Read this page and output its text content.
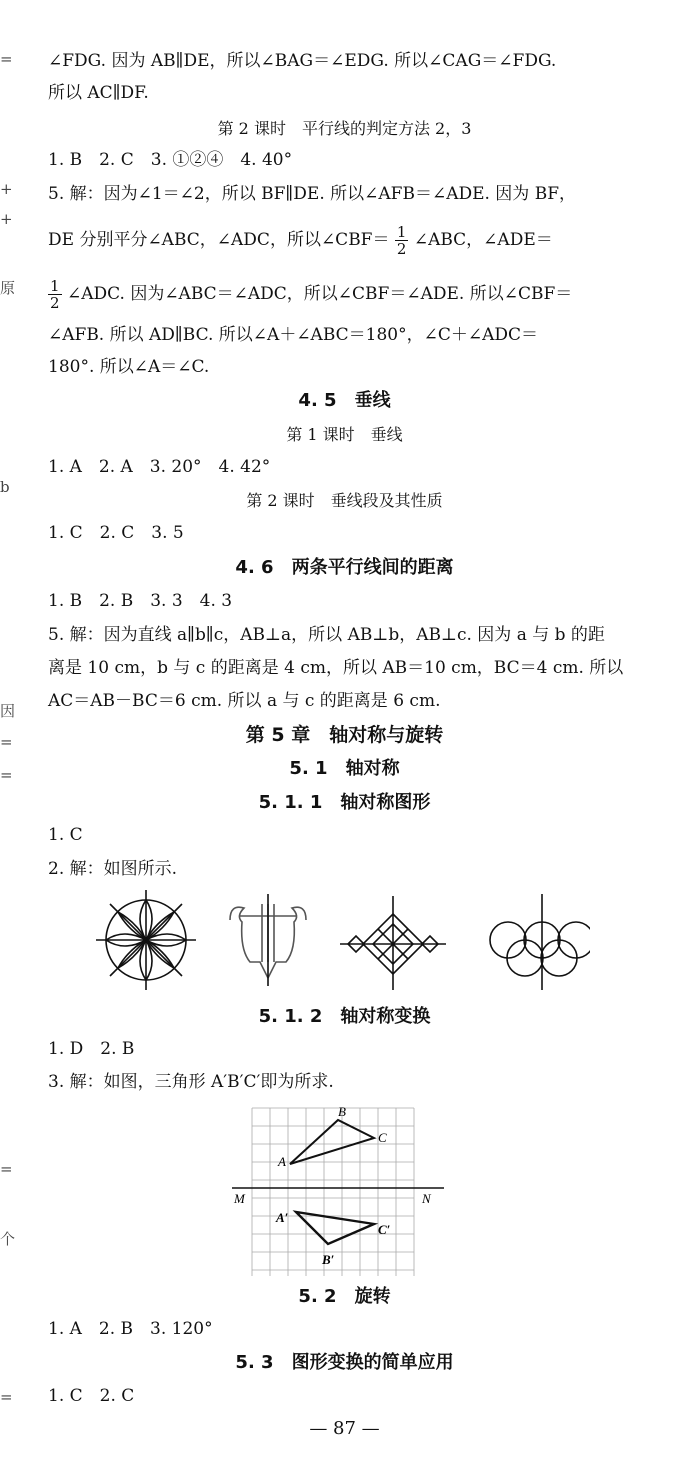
=
+
+
原
b
因
=
=
=
个
=
∠FDG. 因为 AB∥DE，所以∠BAG＝∠EDG. 所以∠CAG＝∠FDG.
所以 AC∥DF.
第 2 课时　平行线的判定方法 2，3
1. B　2. C　3. ①②④　4. 40°
5. 解：因为∠1＝∠2，所以 BF∥DE. 所以∠AFB＝∠ADE. 因为 BF，
DE 分别平分∠ABC，∠ADC，所以∠CBF＝ $\frac{1}{2}$ ∠ABC，∠ADE＝
$\frac{1}{2}$ ∠ADC. 因为∠ABC＝∠ADC，所以∠CBF＝∠ADE. 所以∠CBF＝
∠AFB. 所以 AD∥BC. 所以∠A＋∠ABC＝180°，∠C＋∠ADC＝
180°. 所以∠A＝∠C.
4. 5　垂线
第 1 课时　垂线
1. A　2. A　3. 20°　4. 42°
第 2 课时　垂线段及其性质
1. C　2. C　3. 5
4. 6　两条平行线间的距离
1. B　2. B　3. 3　4. 3
5. 解：因为直线 a∥b∥c，AB⊥a，所以 AB⊥b，AB⊥c. 因为 a 与 b 的距
离是 10 cm，b 与 c 的距离是 4 cm，所以 AB＝10 cm，BC＝4 cm. 所以
AC＝AB－BC＝6 cm. 所以 a 与 c 的距离是 6 cm.
第 5 章　轴对称与旋转
5. 1　轴对称
5. 1. 1　轴对称图形
1. C
2. 解：如图所示.
5. 1. 2　轴对称变换
1. D　2. B
3. 解：如图，三角形 A′B′C′即为所求.
A
B
C
M	N
A′
B′
C′
5. 2　旋转
1. A　2. B　3. 120°
5. 3　图形变换的简单应用
1. C　2. C
— 87 —
